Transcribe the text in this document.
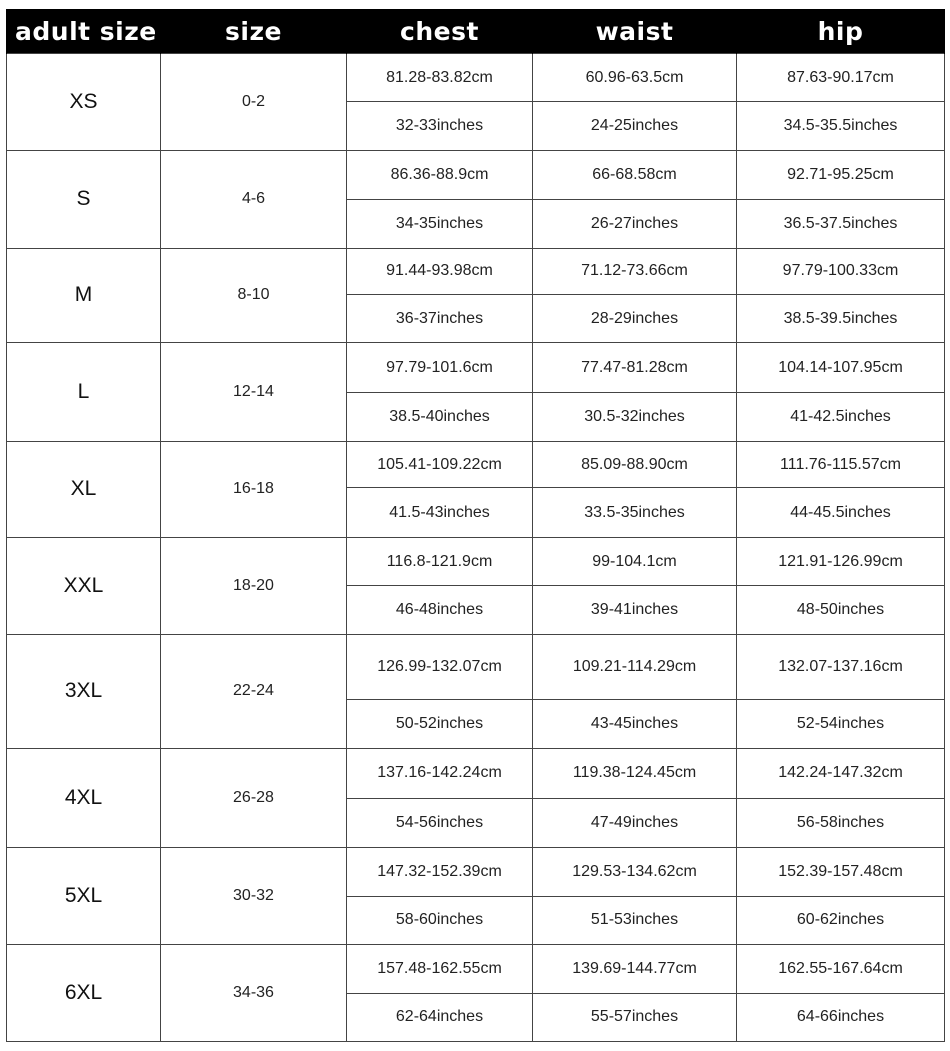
adult size	size	chest	waist	hip
XS	0-2	81.28-83.82cm	60.96-63.5cm	87.63-90.17cm
		32-33inches	24-25inches	34.5-35.5inches
S	4-6	86.36-88.9cm	66-68.58cm	92.71-95.25cm
		34-35inches	26-27inches	36.5-37.5inches
M	8-10	91.44-93.98cm	71.12-73.66cm	97.79-100.33cm
		36-37inches	28-29inches	38.5-39.5inches
L	12-14	97.79-101.6cm	77.47-81.28cm	104.14-107.95cm
		38.5-40inches	30.5-32inches	41-42.5inches
XL	16-18	105.41-109.22cm	85.09-88.90cm	111.76-115.57cm
		41.5-43inches	33.5-35inches	44-45.5inches
XXL	18-20	116.8-121.9cm	99-104.1cm	121.91-126.99cm
		46-48inches	39-41inches	48-50inches
3XL	22-24	126.99-132.07cm	109.21-114.29cm	132.07-137.16cm
		50-52inches	43-45inches	52-54inches
4XL	26-28	137.16-142.24cm	119.38-124.45cm	142.24-147.32cm
		54-56inches	47-49inches	56-58inches
5XL	30-32	147.32-152.39cm	129.53-134.62cm	152.39-157.48cm
		58-60inches	51-53inches	60-62inches
6XL	34-36	157.48-162.55cm	139.69-144.77cm	162.55-167.64cm
		62-64inches	55-57inches	64-66inches
